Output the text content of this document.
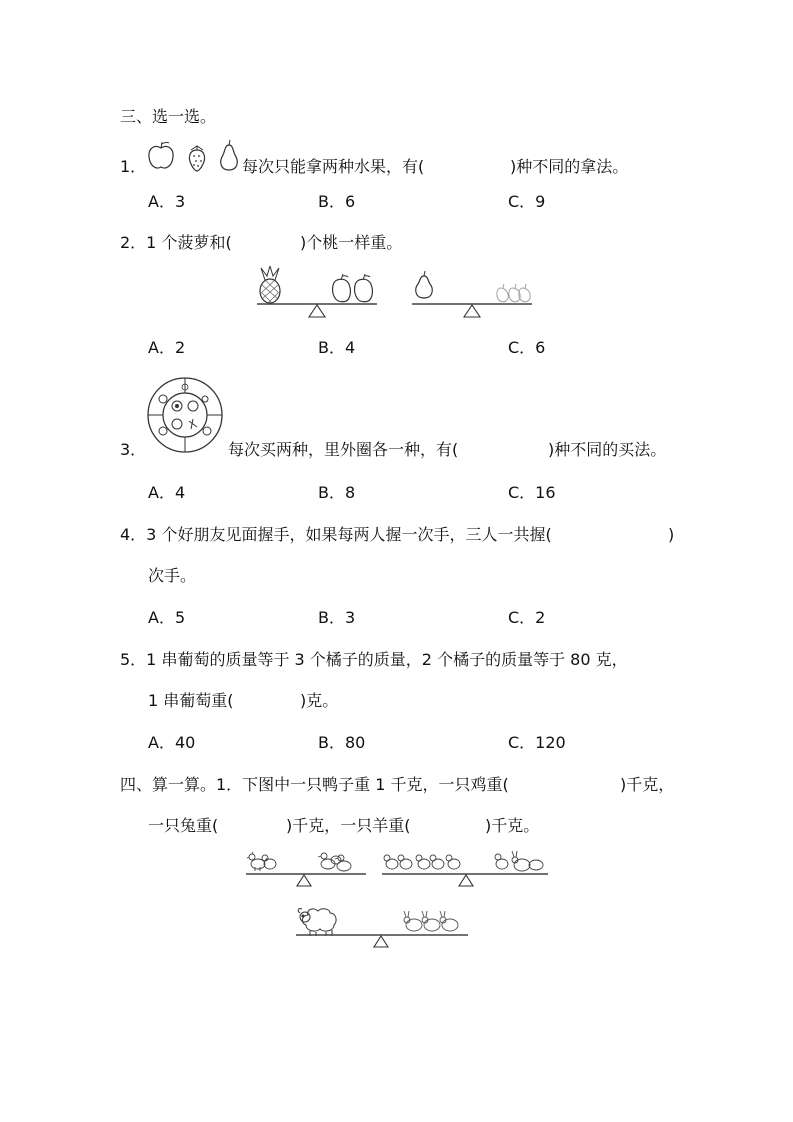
三、选一选。
1．	每次只能拿两种水果，有(	)种不同的拿法。
A．3	B．6	C．9
2．1 个菠萝和(	)个桃一样重。
A．2	B．4	C．6
3．	每次买两种，里外圈各一种，有(	)种不同的买法。
A．4	B．8	C．16
4．3 个好朋友见面握手，如果每两人握一次手，三人一共握(	)
次手。
A．5	B．3	C．2
5．1 串葡萄的质量等于 3 个橘子的质量，2 个橘子的质量等于 80 克，
1 串葡萄重(	)克。
A．40	B．80	C．120
四、算一算。1．下图中一只鸭子重 1 千克，一只鸡重(	)千克，
一只兔重(	)千克，一只羊重(	)千克。
